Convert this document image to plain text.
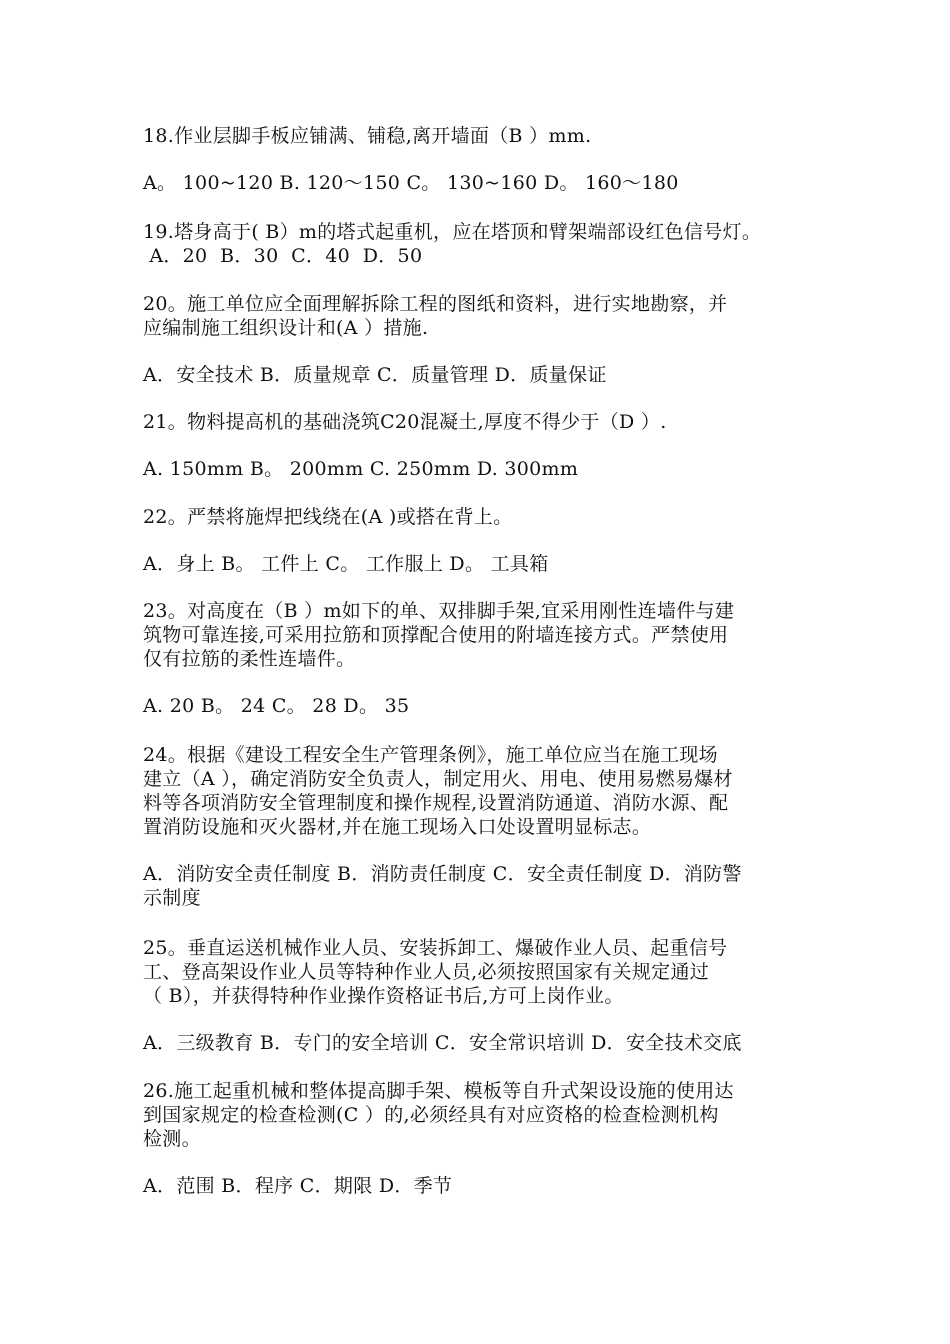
18.作业层脚手板应铺满、铺稳,离开墙面（B ）mm.
A。 100~120 B. 120～150 C。 130~160 D。 160～180
19.塔身高于( B）m的塔式起重机，应在塔顶和臂架端部设红色信号灯。
A．20  B．30  C．40  D．50
20。施工单位应全面理解拆除工程的图纸和资料，进行实地勘察，并
应编制施工组织设计和(A ）措施.
A．安全技术 B．质量规章 C．质量管理 D．质量保证
21。物料提高机的基础浇筑C20混凝土,厚度不得少于（D ）.
A. 150mm B。 200mm C. 250mm D. 300mm
22。严禁将施焊把线绕在(A )或搭在背上。
A．身上 B。 工件上 C。 工作服上 D。 工具箱
23。对高度在（B ）m如下的单、双排脚手架,宜采用刚性连墙件与建
筑物可靠连接,可采用拉筋和顶撑配合使用的附墙连接方式。严禁使用
仅有拉筋的柔性连墙件。
A. 20 B。 24 C。 28 D。 35
24。根据《建设工程安全生产管理条例》，施工单位应当在施工现场
建立（A ），确定消防安全负责人，制定用火、用电、使用易燃易爆材
料等各项消防安全管理制度和操作规程,设置消防通道、消防水源、配
置消防设施和灭火器材,并在施工现场入口处设置明显标志。
A．消防安全责任制度 B．消防责任制度 C．安全责任制度 D．消防警
示制度
25。垂直运送机械作业人员、安装拆卸工、爆破作业人员、起重信号
工、登高架设作业人员等特种作业人员,必须按照国家有关规定通过
（ B），并获得特种作业操作资格证书后,方可上岗作业。
A．三级教育 B．专门的安全培训 C．安全常识培训 D．安全技术交底
26.施工起重机械和整体提高脚手架、模板等自升式架设设施的使用达
到国家规定的检查检测(C ）的,必须经具有对应资格的检查检测机构
检测。
A．范围 B．程序 C．期限 D．季节
